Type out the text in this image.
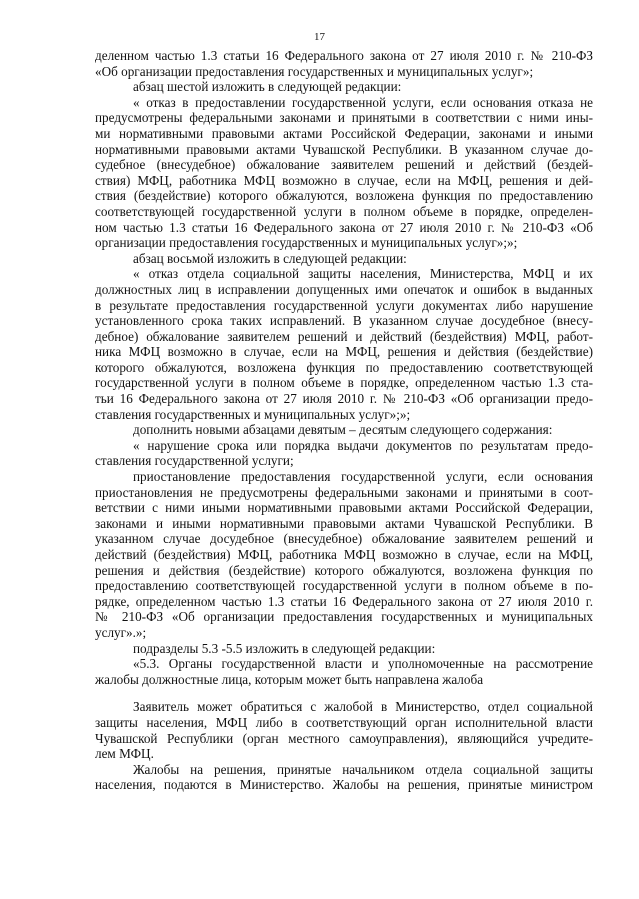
17
деленном частью 1.3 статьи 16 Федерального закона от 27 июля 2010 г. № 210-ФЗ
«Об организации предоставления государственных и муниципальных услуг»;
абзац шестой изложить в следующей редакции:
« отказ в предоставлении государственной услуги, если основания отказа не
предусмотрены федеральными законами и принятыми в соответствии с ними ины-
ми нормативными правовыми актами Российской Федерации, законами и иными
нормативными правовыми актами Чувашской Республики. В указанном случае до-
судебное (внесудебное) обжалование заявителем решений и действий (бездей-
ствия) МФЦ, работника МФЦ возможно в случае, если на МФЦ, решения и дей-
ствия (бездействие) которого обжалуются, возложена функция по предоставлению
соответствующей государственной услуги в полном объеме в порядке, определен-
ном частью 1.3 статьи 16 Федерального закона от 27 июля 2010 г. № 210-ФЗ «Об
организации предоставления государственных и муниципальных услуг»;»;
абзац восьмой изложить в следующей редакции:
« отказ отдела социальной защиты населения, Министерства, МФЦ и их
должностных лиц в исправлении допущенных ими опечаток и ошибок в выданных
в результате предоставления государственной услуги документах либо нарушение
установленного срока таких исправлений. В указанном случае досудебное (внесу-
дебное) обжалование заявителем решений и действий (бездействия) МФЦ, работ-
ника МФЦ возможно в случае, если на МФЦ, решения и действия (бездействие)
которого обжалуются, возложена функция по предоставлению соответствующей
государственной услуги в полном объеме в порядке, определенном частью 1.3 ста-
тьи 16 Федерального закона от 27 июля 2010 г. № 210-ФЗ «Об организации предо-
ставления государственных и муниципальных услуг»;»;
дополнить новыми абзацами девятым – десятым следующего содержания:
« нарушение срока или порядка выдачи документов по результатам предо-
ставления государственной услуги;
приостановление предоставления государственной услуги, если основания
приостановления не предусмотрены федеральными законами и принятыми в соот-
ветствии с ними иными нормативными правовыми актами Российской Федерации,
законами и иными нормативными правовыми актами Чувашской Республики. В
указанном случае досудебное (внесудебное) обжалование заявителем решений и
действий (бездействия) МФЦ, работника МФЦ возможно в случае, если на МФЦ,
решения и действия (бездействие) которого обжалуются, возложена функция по
предоставлению соответствующей государственной услуги в полном объеме в по-
рядке, определенном частью 1.3 статьи 16 Федерального закона от 27 июля 2010 г.
№ 210-ФЗ «Об организации предоставления государственных и муниципальных
услуг».»;
подразделы 5.3 -5.5 изложить в следующей редакции:
«5.3. Органы государственной власти и уполномоченные на рассмотрение
жалобы должностные лица, которым может быть направлена жалоба
Заявитель может обратиться с жалобой в Министерство, отдел социальной
защиты населения, МФЦ либо в соответствующий орган исполнительной власти
Чувашской Республики (орган местного самоуправления), являющийся учредите-
лем МФЦ.
Жалобы на решения, принятые начальником отдела социальной защиты
населения, подаются в Министерство. Жалобы на решения, принятые министром
